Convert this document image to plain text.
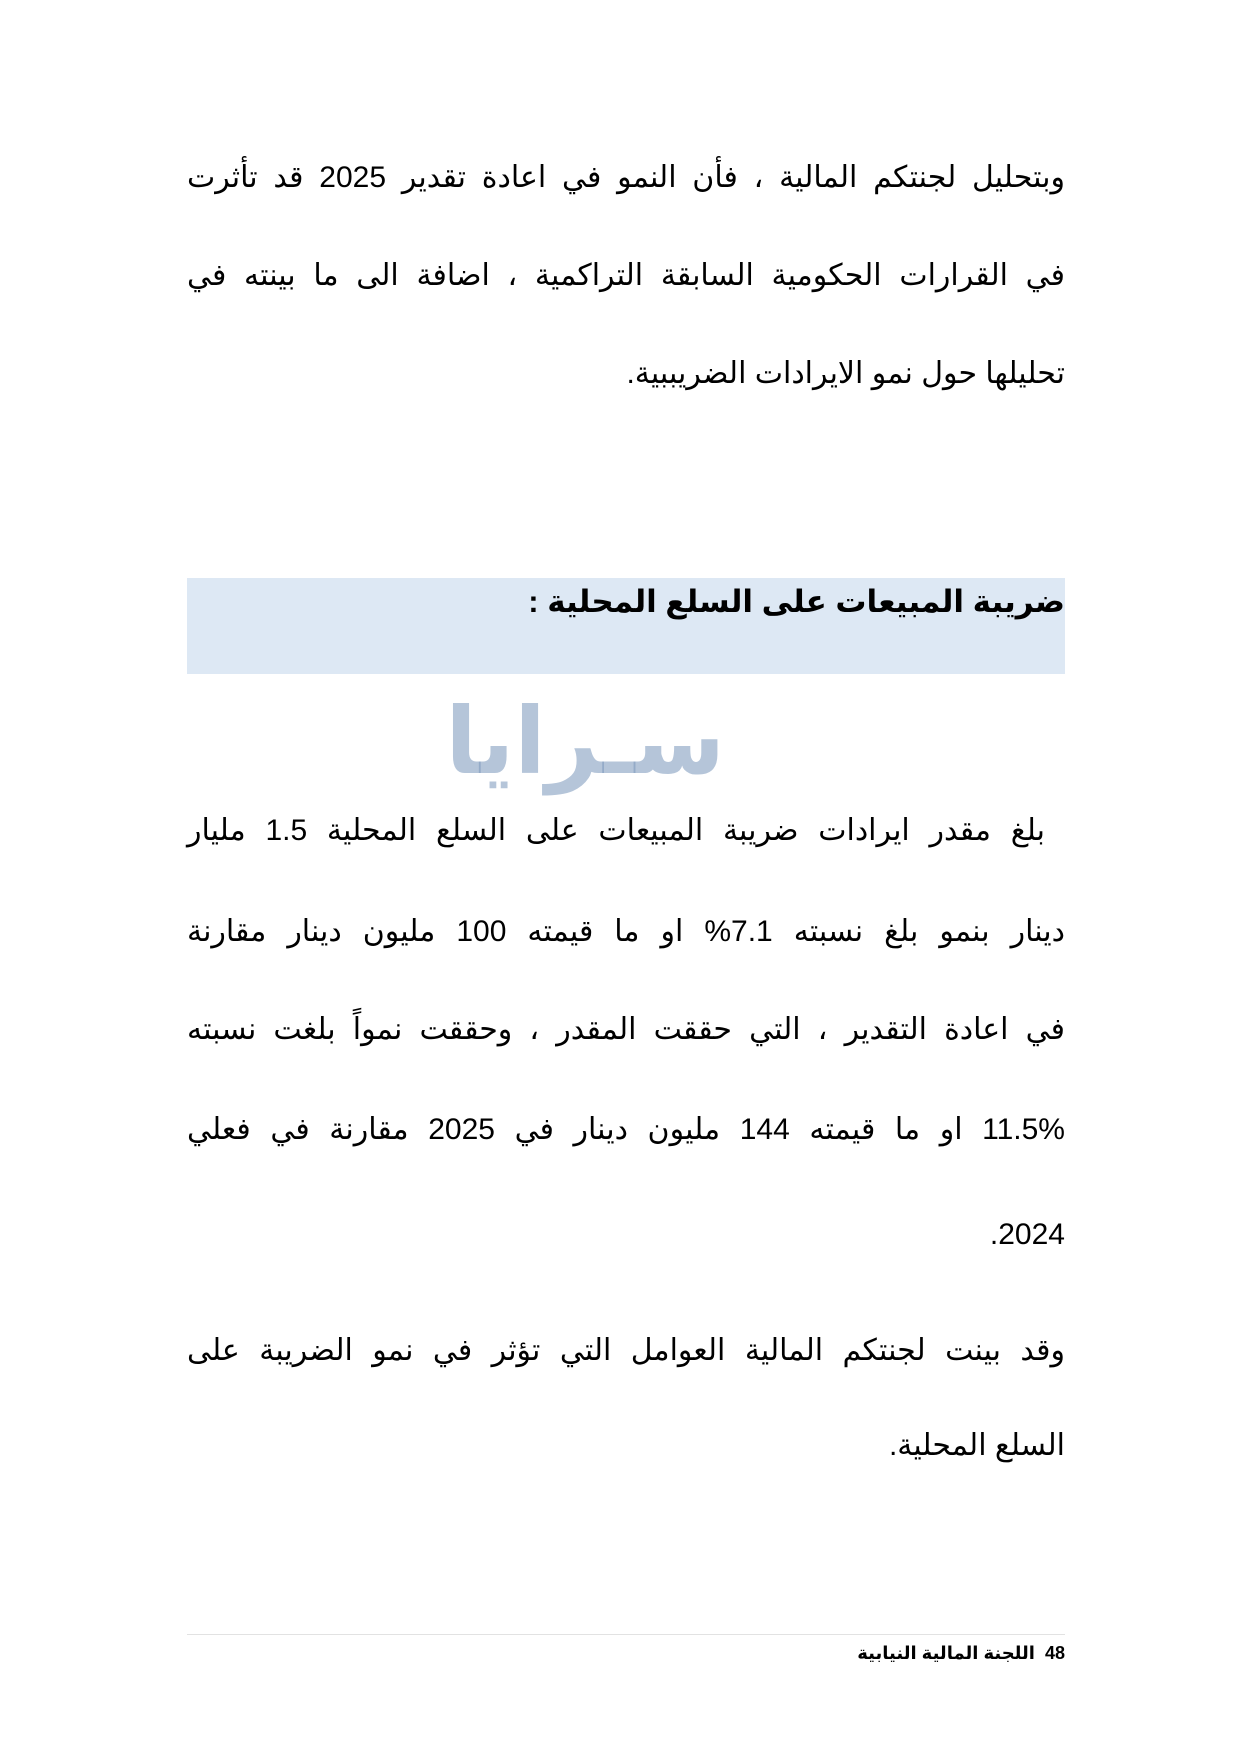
وبتحليل لجنتكم المالية ، فأن النمو في اعادة تقدير 2025 قد تأثرت
في القرارات الحكومية السابقة التراكمية ، اضافة الى ما بينته في
تحليلها حول نمو الايرادات الضريببية.
ضريبة المبيعات على السلع المحلية :
سـرايا
بلغ مقدر ايرادات ضريبة المبيعات على السلع المحلية 1.5 مليار
دينار بنمو بلغ نسبته 7.1% او ما قيمته 100 مليون دينار مقارنة
في اعادة التقدير ، التي حققت المقدر ، وحققت نمواً بلغت نسبته
11.5% او ما قيمته 144 مليون دينار في 2025 مقارنة في فعلي
2024.
وقد بينت لجنتكم المالية العوامل التي تؤثر في نمو الضريبة على
السلع المحلية.
48اللجنة المالية النيابية
